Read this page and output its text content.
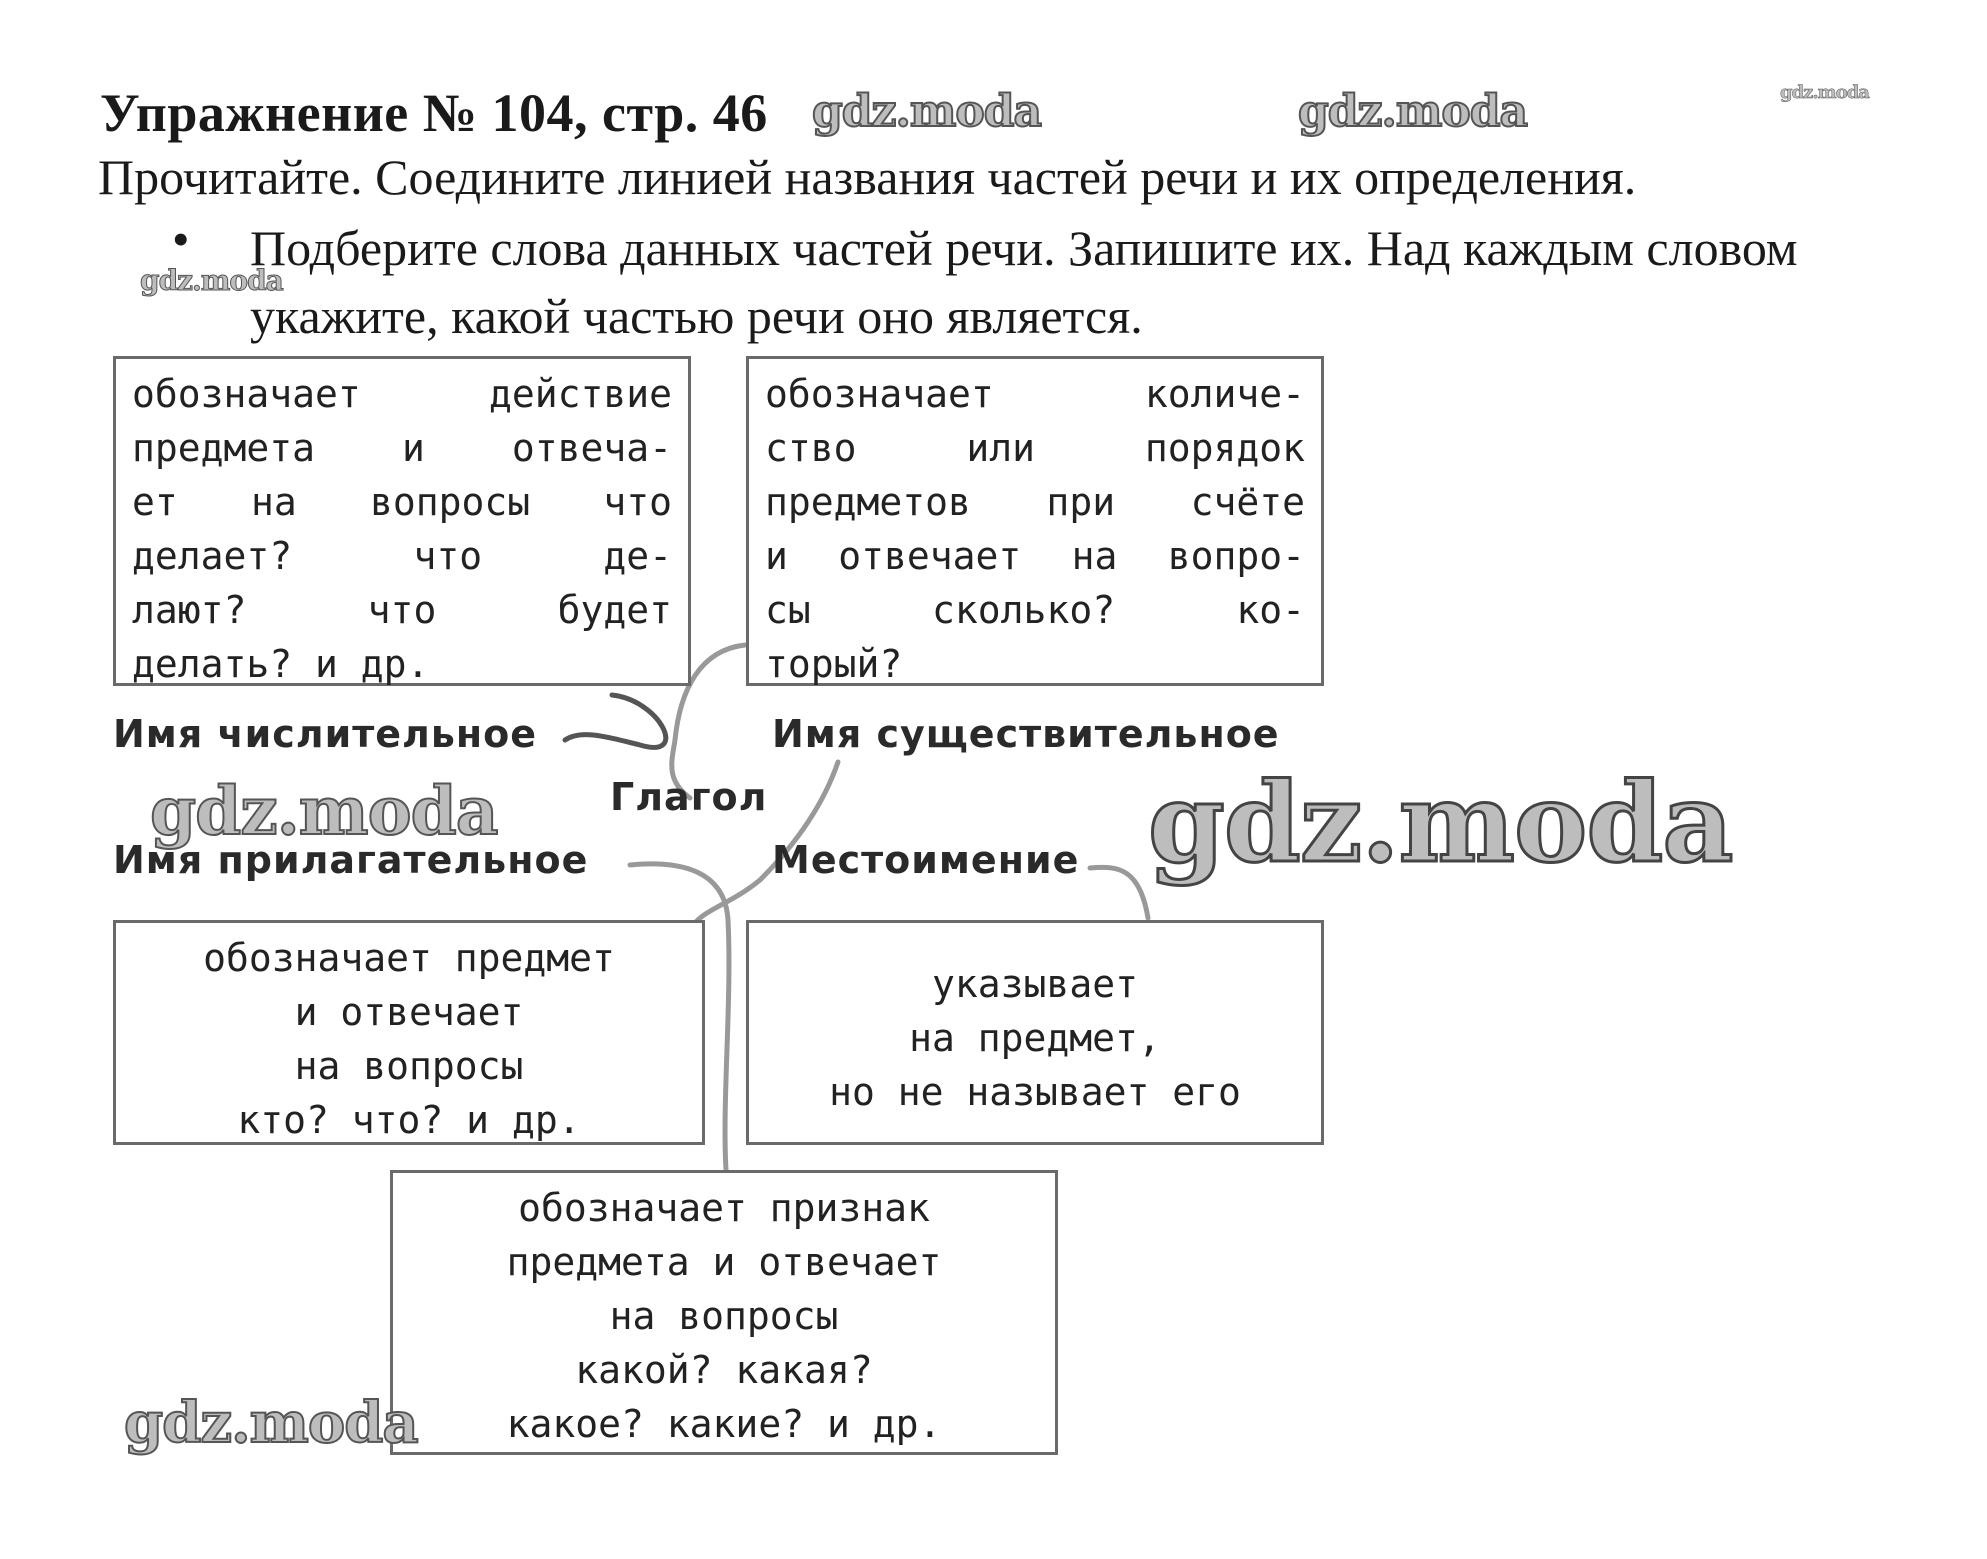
Упражнение № 104, стр. 46
Прочитайте. Соедините линией названия частей речи и их определения.
• Подберите слова данных частей речи. Запишите их. Над каждым словом укажите, какой частью речи оно является.
обозначает действие
предмета и отвеча-
ет на вопросы что
делает? что де-
лают? что будет
делать? и др.
обозначает количе-
ство или порядок
предметов при счёте
и отвечает на вопро-
сы сколько? ко-
торый?
Имя числительное	Имя существительное
Глагол
Имя прилагательное	Местоимение
обозначает предмет
и отвечает
на вопросы
кто? что? и др.
указывает
на предмет,
но не называет его
обозначает признак
предмета и отвечает
на вопросы
какой? какая?
какое? какие? и др.
gdz.moda	gdz.moda	gdz.moda
gdz.moda
gdz.moda	gdz.moda
gdz.moda
